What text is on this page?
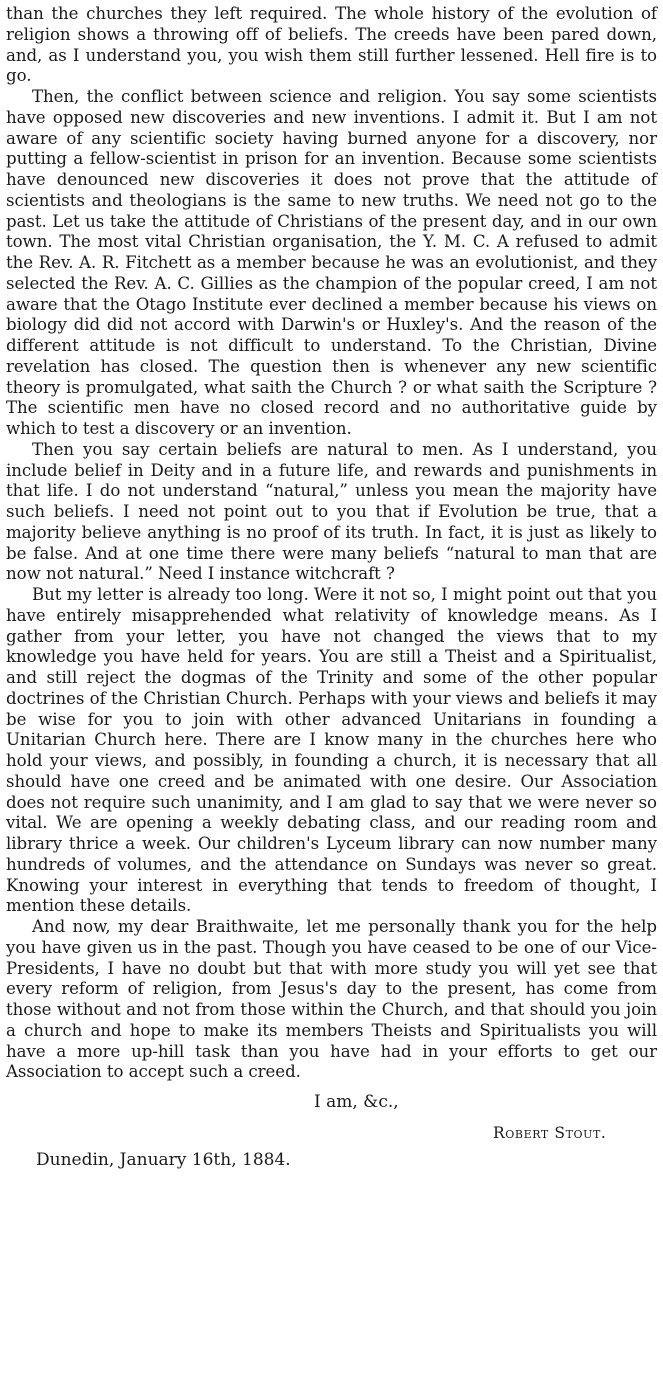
than the churches they left required. The whole history of the evolution of religion shows a throwing off of beliefs. The creeds have been pared down, and, as I understand you, you wish them still further lessened. Hell fire is to go.

Then, the conflict between science and religion. You say some scientists have opposed new discoveries and new inventions. I admit it. But I am not aware of any scientific society having burned anyone for a discovery, nor putting a fellow-scientist in prison for an invention. Because some scientists have denounced new discoveries it does not prove that the attitude of scientists and theologians is the same to new truths. We need not go to the past. Let us take the attitude of Christians of the present day, and in our own town. The most vital Christian organisation, the Y. M. C. A refused to admit the Rev. A. R. Fitchett as a member because he was an evolutionist, and they selected the Rev. A. C. Gillies as the champion of the popular creed, I am not aware that the Otago Institute ever declined a member because his views on biology did did not accord with Darwin's or Huxley's. And the reason of the different attitude is not difficult to understand. To the Christian, Divine revelation has closed. The question then is whenever any new scientific theory is promulgated, what saith the Church ? or what saith the Scripture ? The scientific men have no closed record and no authoritative guide by which to test a discovery or an invention.

Then you say certain beliefs are natural to men. As I understand, you include belief in Deity and in a future life, and rewards and punishments in that life. I do not understand “natural,” unless you mean the majority have such beliefs. I need not point out to you that if Evolution be true, that a majority believe anything is no proof of its truth. In fact, it is just as likely to be false. And at one time there were many beliefs “natural to man that are now not natural.” Need I instance witchcraft ?

But my letter is already too long. Were it not so, I might point out that you have entirely misapprehended what relativity of knowledge means. As I gather from your letter, you have not changed the views that to my knowledge you have held for years. You are still a Theist and a Spiritualist, and still reject the dogmas of the Trinity and some of the other popular doctrines of the Christian Church. Perhaps with your views and beliefs it may be wise for you to join with other advanced Unitarians in founding a Unitarian Church here. There are I know many in the churches here who hold your views, and possibly, in founding a church, it is necessary that all should have one creed and be animated with one desire. Our Association does not require such unanimity, and I am glad to say that we were never so vital. We are opening a weekly debating class, and our reading room and library thrice a week. Our children's Lyceum library can now number many hundreds of volumes, and the attendance on Sundays was never so great. Knowing your interest in everything that tends to freedom of thought, I mention these details.

And now, my dear Braithwaite, let me personally thank you for the help you have given us in the past. Though you have ceased to be one of our Vice-Presidents, I have no doubt but that with more study you will yet see that every reform of religion, from Jesus's day to the present, has come from those without and not from those within the Church, and that should you join a church and hope to make its members Theists and Spiritualists you will have a more up-hill task than you have had in your efforts to get our Association to accept such a creed.

I am, &c.,
Robert Stout.
Dunedin, January 16th, 1884.
